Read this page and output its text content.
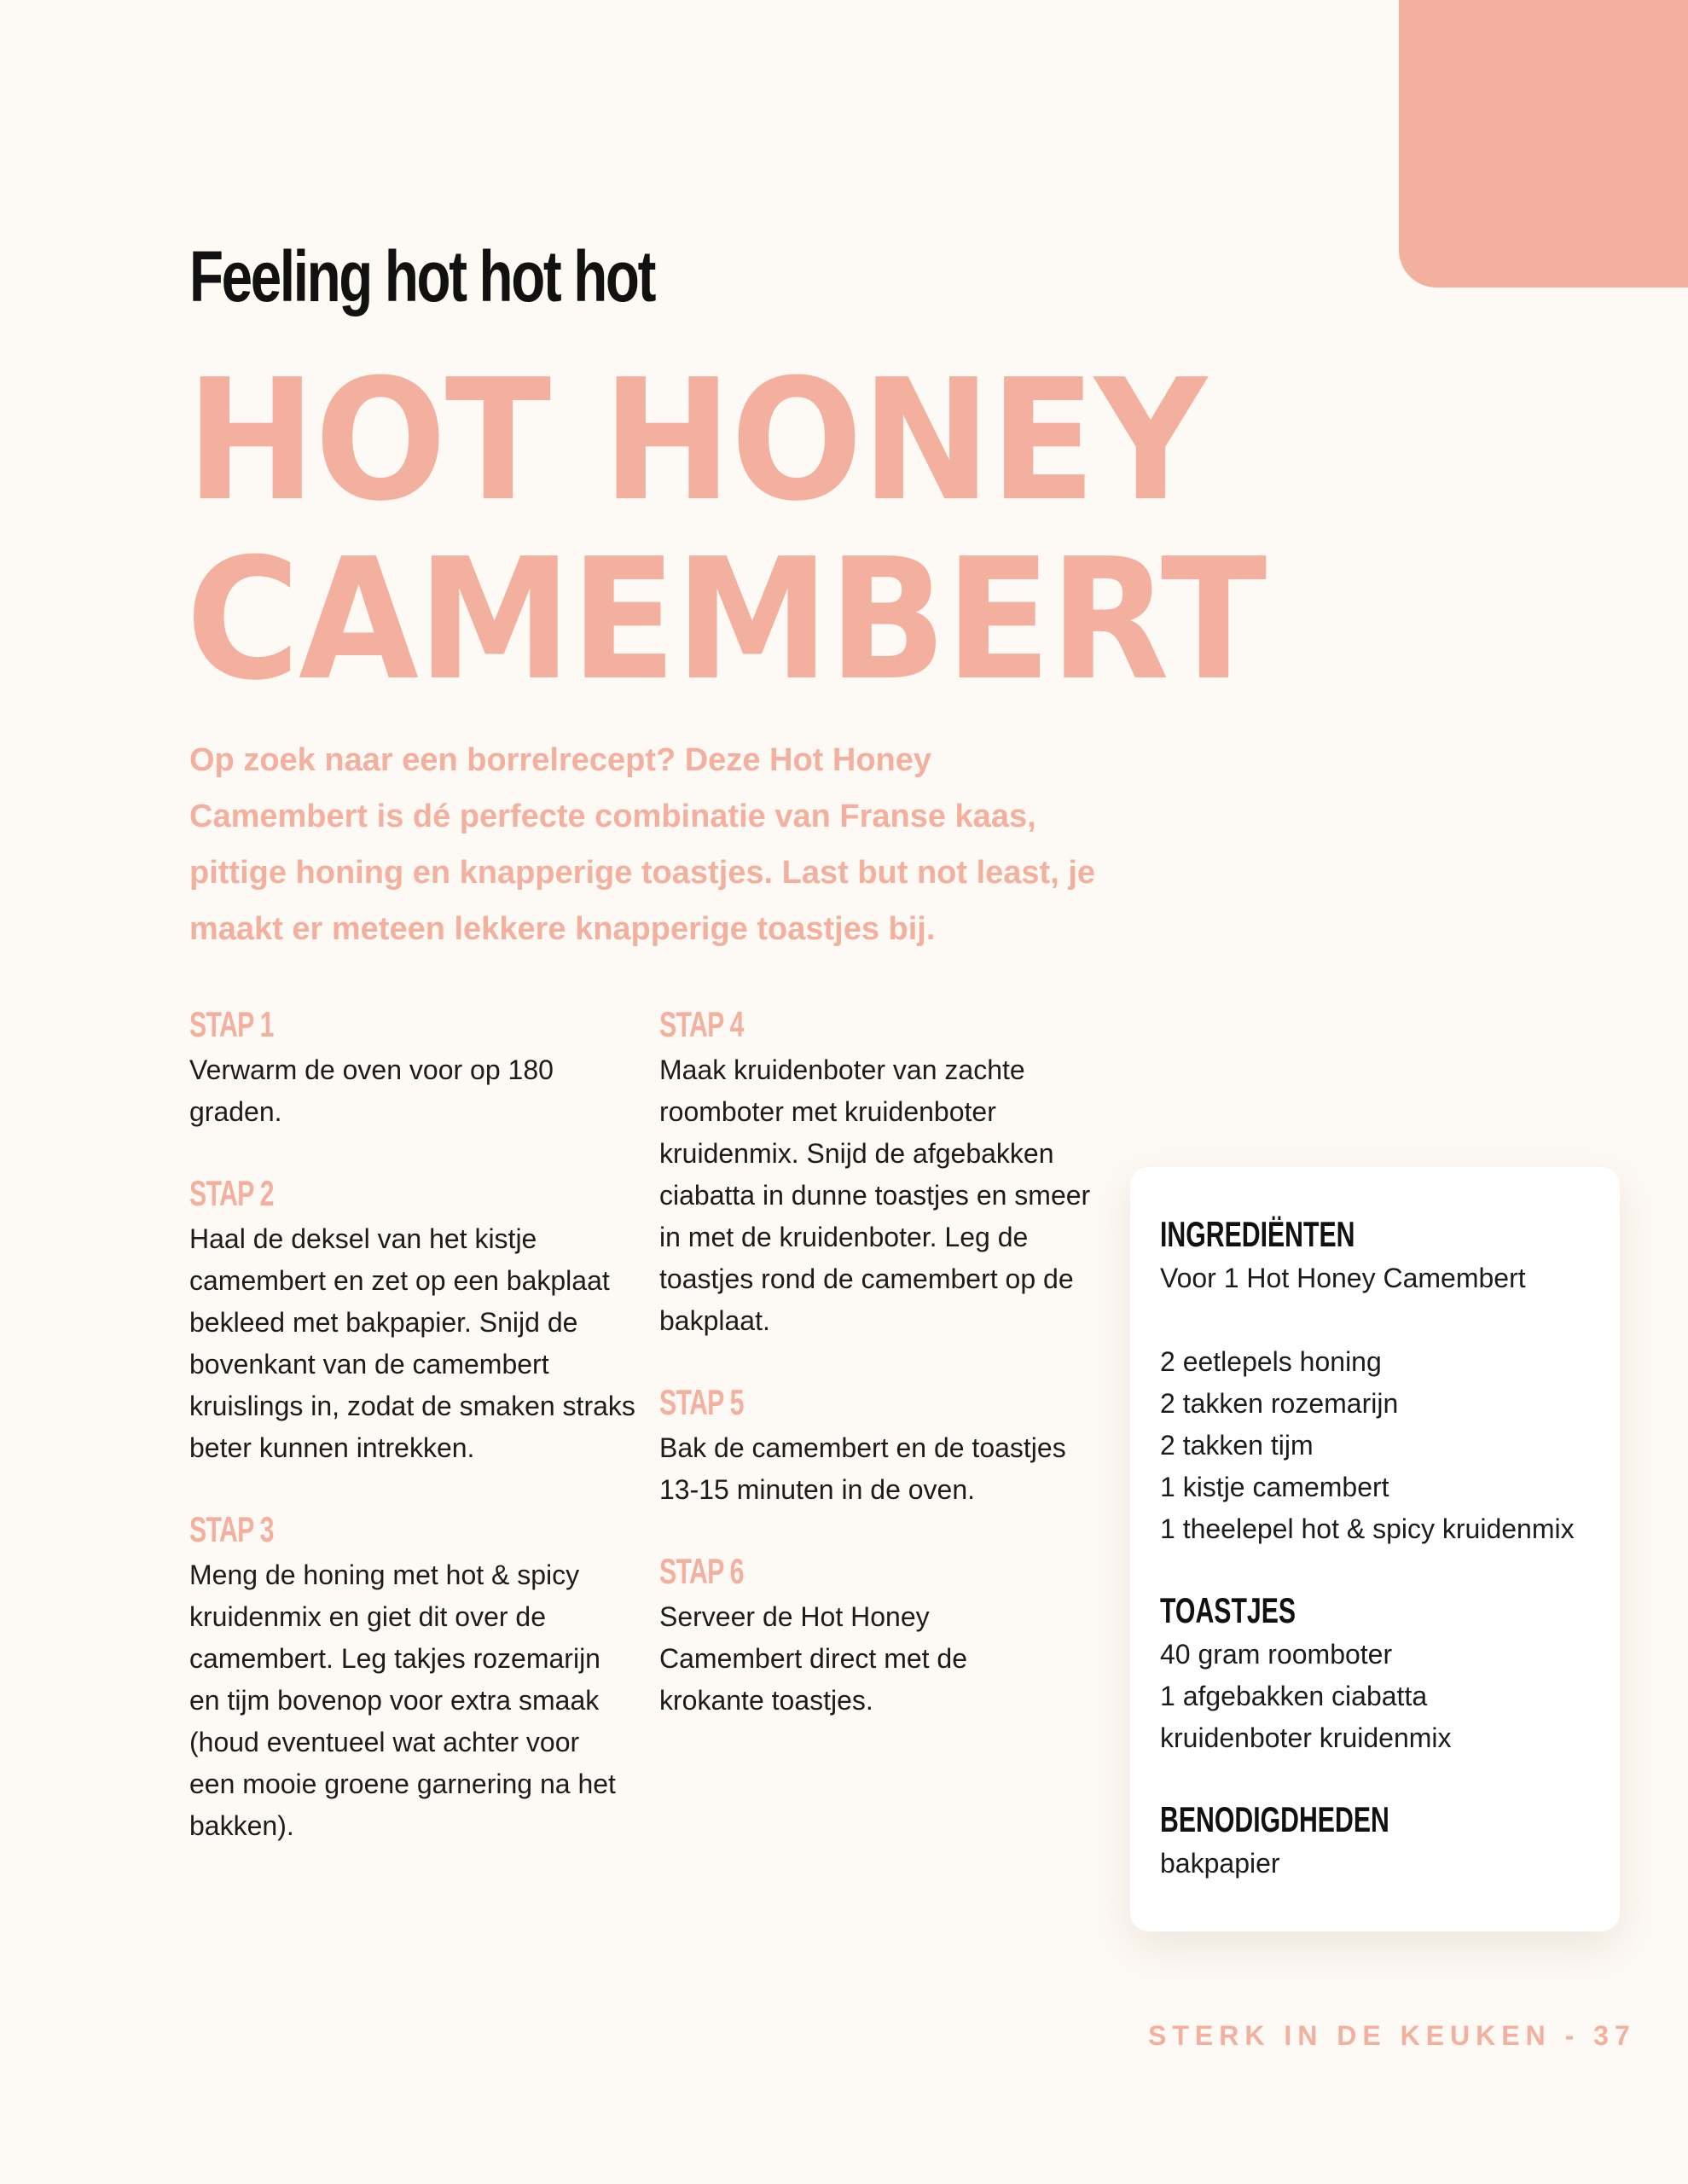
Feeling hot hot hot
HOT HONEY
CAMEMBERT

Op zoek naar een borrelrecept? Deze Hot Honey Camembert is dé perfecte combinatie van Franse kaas, pittige honing en knapperige toastjes. Last but not least, je maakt er meteen lekkere knapperige toastjes bij.

STAP 1

Verwarm de oven voor op 180 graden.

STAP 2

Haal de deksel van het kistje camembert en zet op een bakplaat bekleed met bakpapier. Snijd de bovenkant van de camembert kruislings in, zodat de smaken straks beter kunnen intrekken.

STAP 3

Meng de honing met hot & spicy kruidenmix en giet dit over de camembert. Leg takjes rozemarijn en tijm bovenop voor extra smaak (houd eventueel wat achter voor een mooie groene garnering na het bakken).

STAP 4

Maak kruidenboter van zachte roomboter met kruidenboter kruidenmix. Snijd de afgebakken ciabatta in dunne toastjes en smeer in met de kruidenboter. Leg de toastjes rond de camembert op de bakplaat.

STAP 5

Bak de camembert en de toastjes 13-15 minuten in de oven.

STAP 6

Serveer de Hot Honey Camembert direct met de krokante toastjes.

INGREDIËNTEN
Voor 1 Hot Honey Camembert
2 eetlepels honing
2 takken rozemarijn
2 takken tijm
1 kistje camembert
1 theelepel hot & spicy kruidenmix
TOASTJES
40 gram roomboter
1 afgebakken ciabatta
kruidenboter kruidenmix
BENODIGDHEDEN
bakpapier

STERK IN DE KEUKEN - 37
